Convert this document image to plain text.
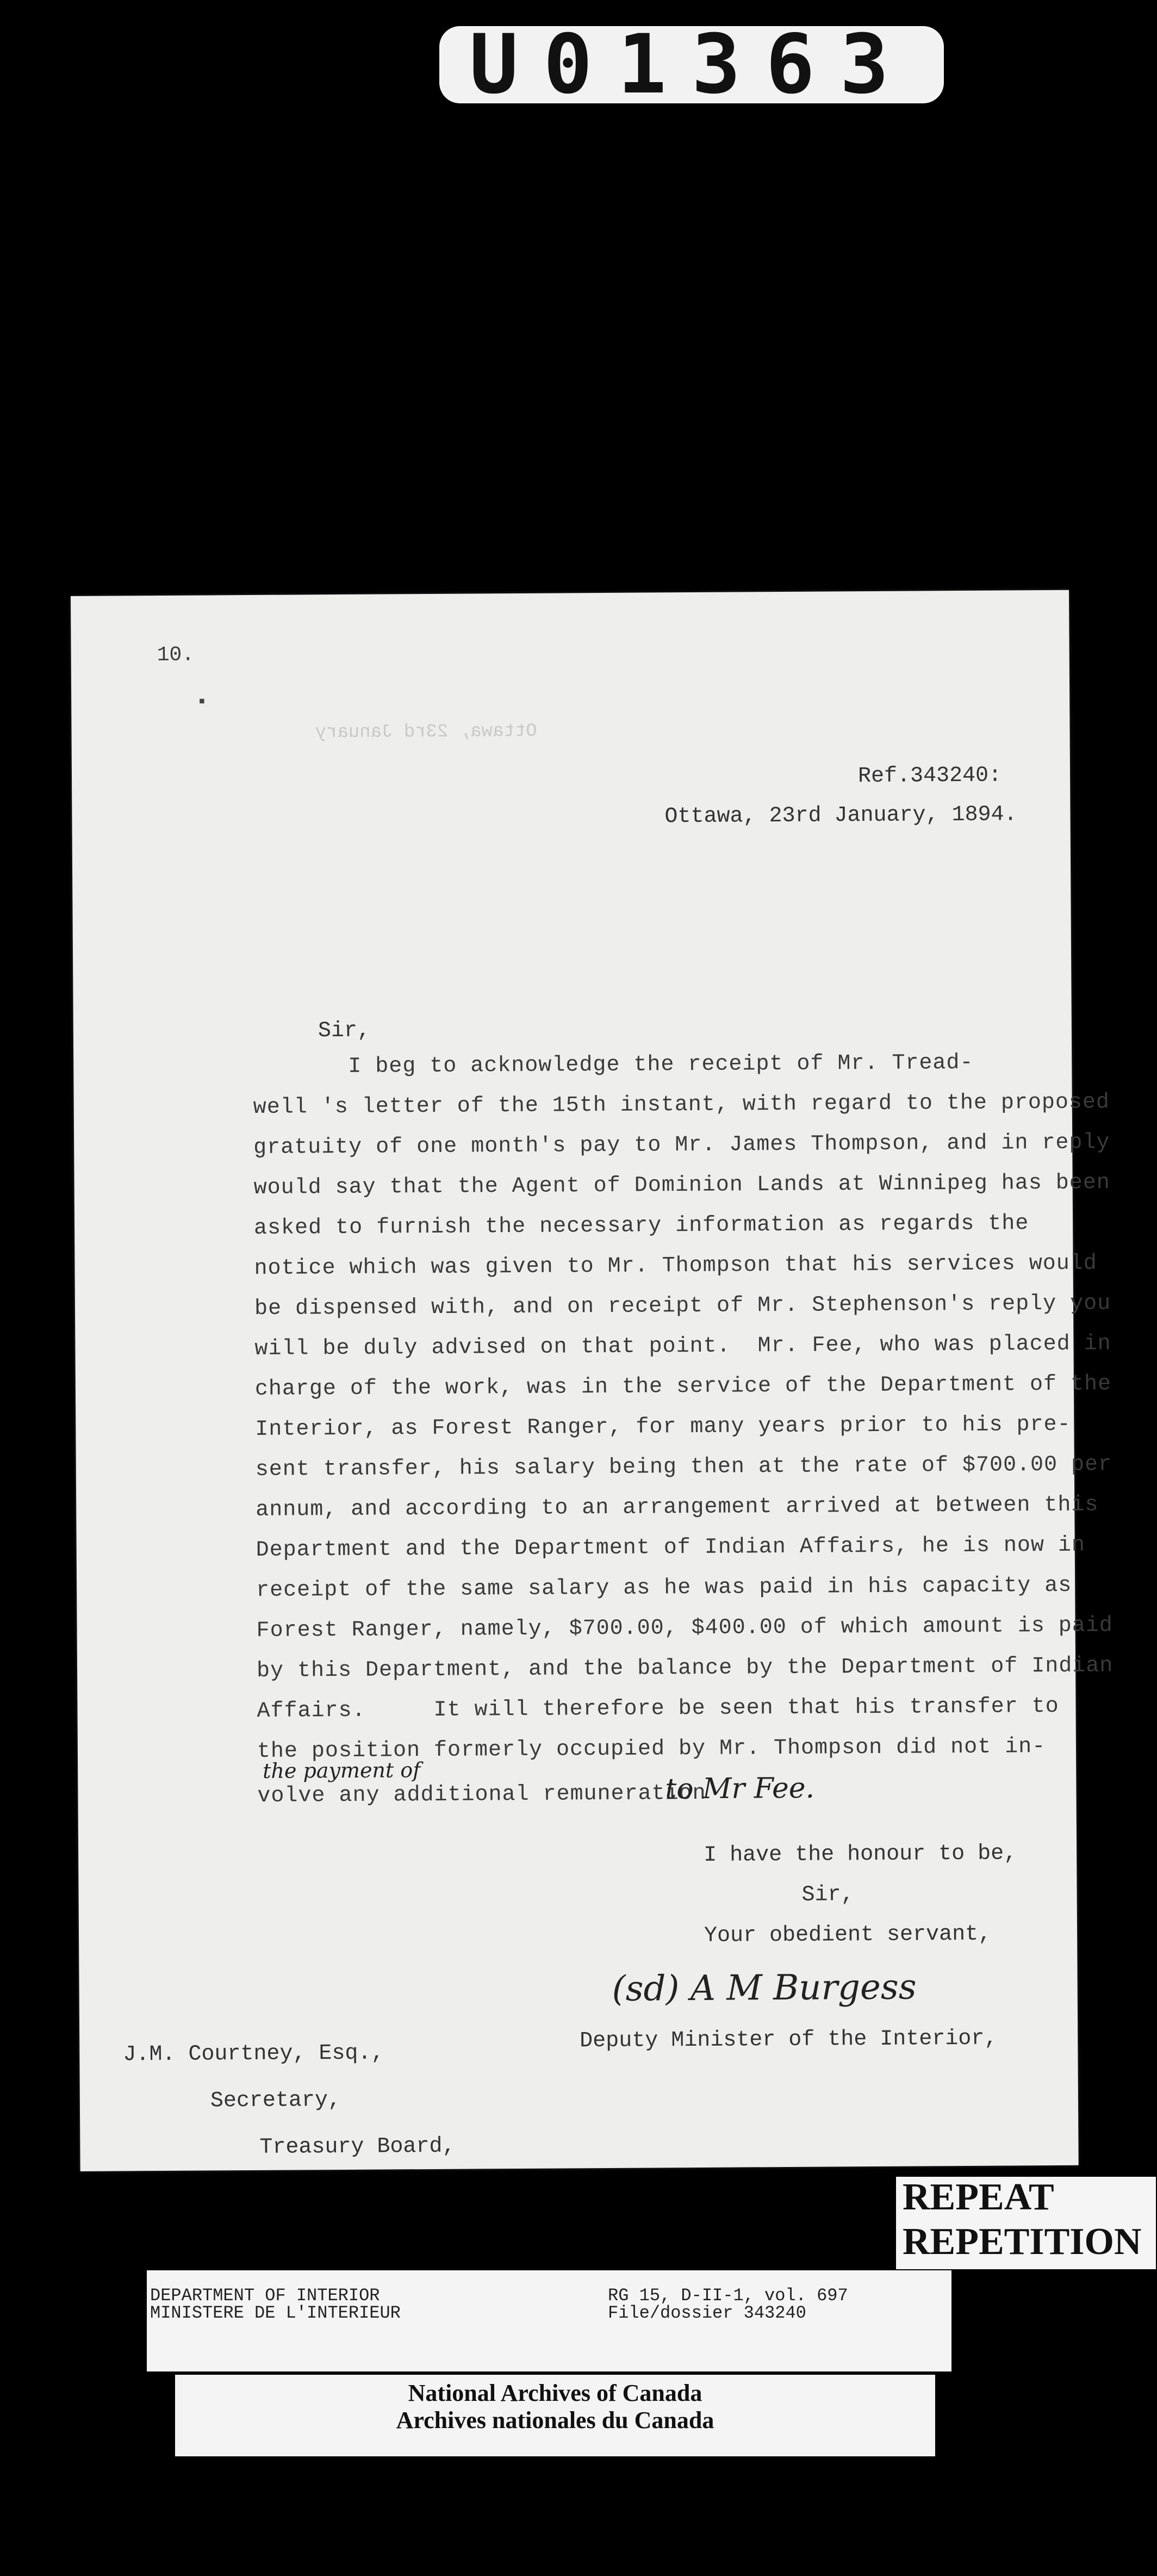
U01363
Ottawa, 23rd January
10.
▪
Ref.343240:
Ottawa, 23rd January, 1894.
Sir,
I beg to acknowledge the receipt of Mr. Tread-
well 's letter of the 15th instant, with regard to the proposed
gratuity of one month's pay to Mr. James Thompson, and in reply
would say that the Agent of Dominion Lands at Winnipeg has been
asked to furnish the necessary information as regards the
notice which was given to Mr. Thompson that his services would
be dispensed with, and on receipt of Mr. Stephenson's reply you
will be duly advised on that point.  Mr. Fee, who was placed in
charge of the work, was in the service of the Department of the
Interior, as Forest Ranger, for many years prior to his pre-
sent transfer, his salary being then at the rate of $700.00 per
annum, and according to an arrangement arrived at between this
Department and the Department of Indian Affairs, he is now in
receipt of the same salary as he was paid in his capacity as
Forest Ranger, namely, $700.00, $400.00 of which amount is paid
by this Department, and the balance by the Department of Indian
Affairs.     It will therefore be seen that his transfer to
the position formerly occupied by Mr. Thompson did not in-
volve any additional remuneration
the payment of
to Mr Fee.
I have the honour to be,
Sir,
Your obedient servant,
(sd) A M Burgess
Deputy Minister of the Interior,
J.M. Courtney, Esq.,
Secretary,
Treasury Board,
REPEAT
REPETITION
DEPARTMENT OF INTERIOR
MINISTERE DE L'INTERIEUR
RG 15, D-II-1, vol. 697
File/dossier 343240
National Archives of Canada
Archives nationales du Canada
